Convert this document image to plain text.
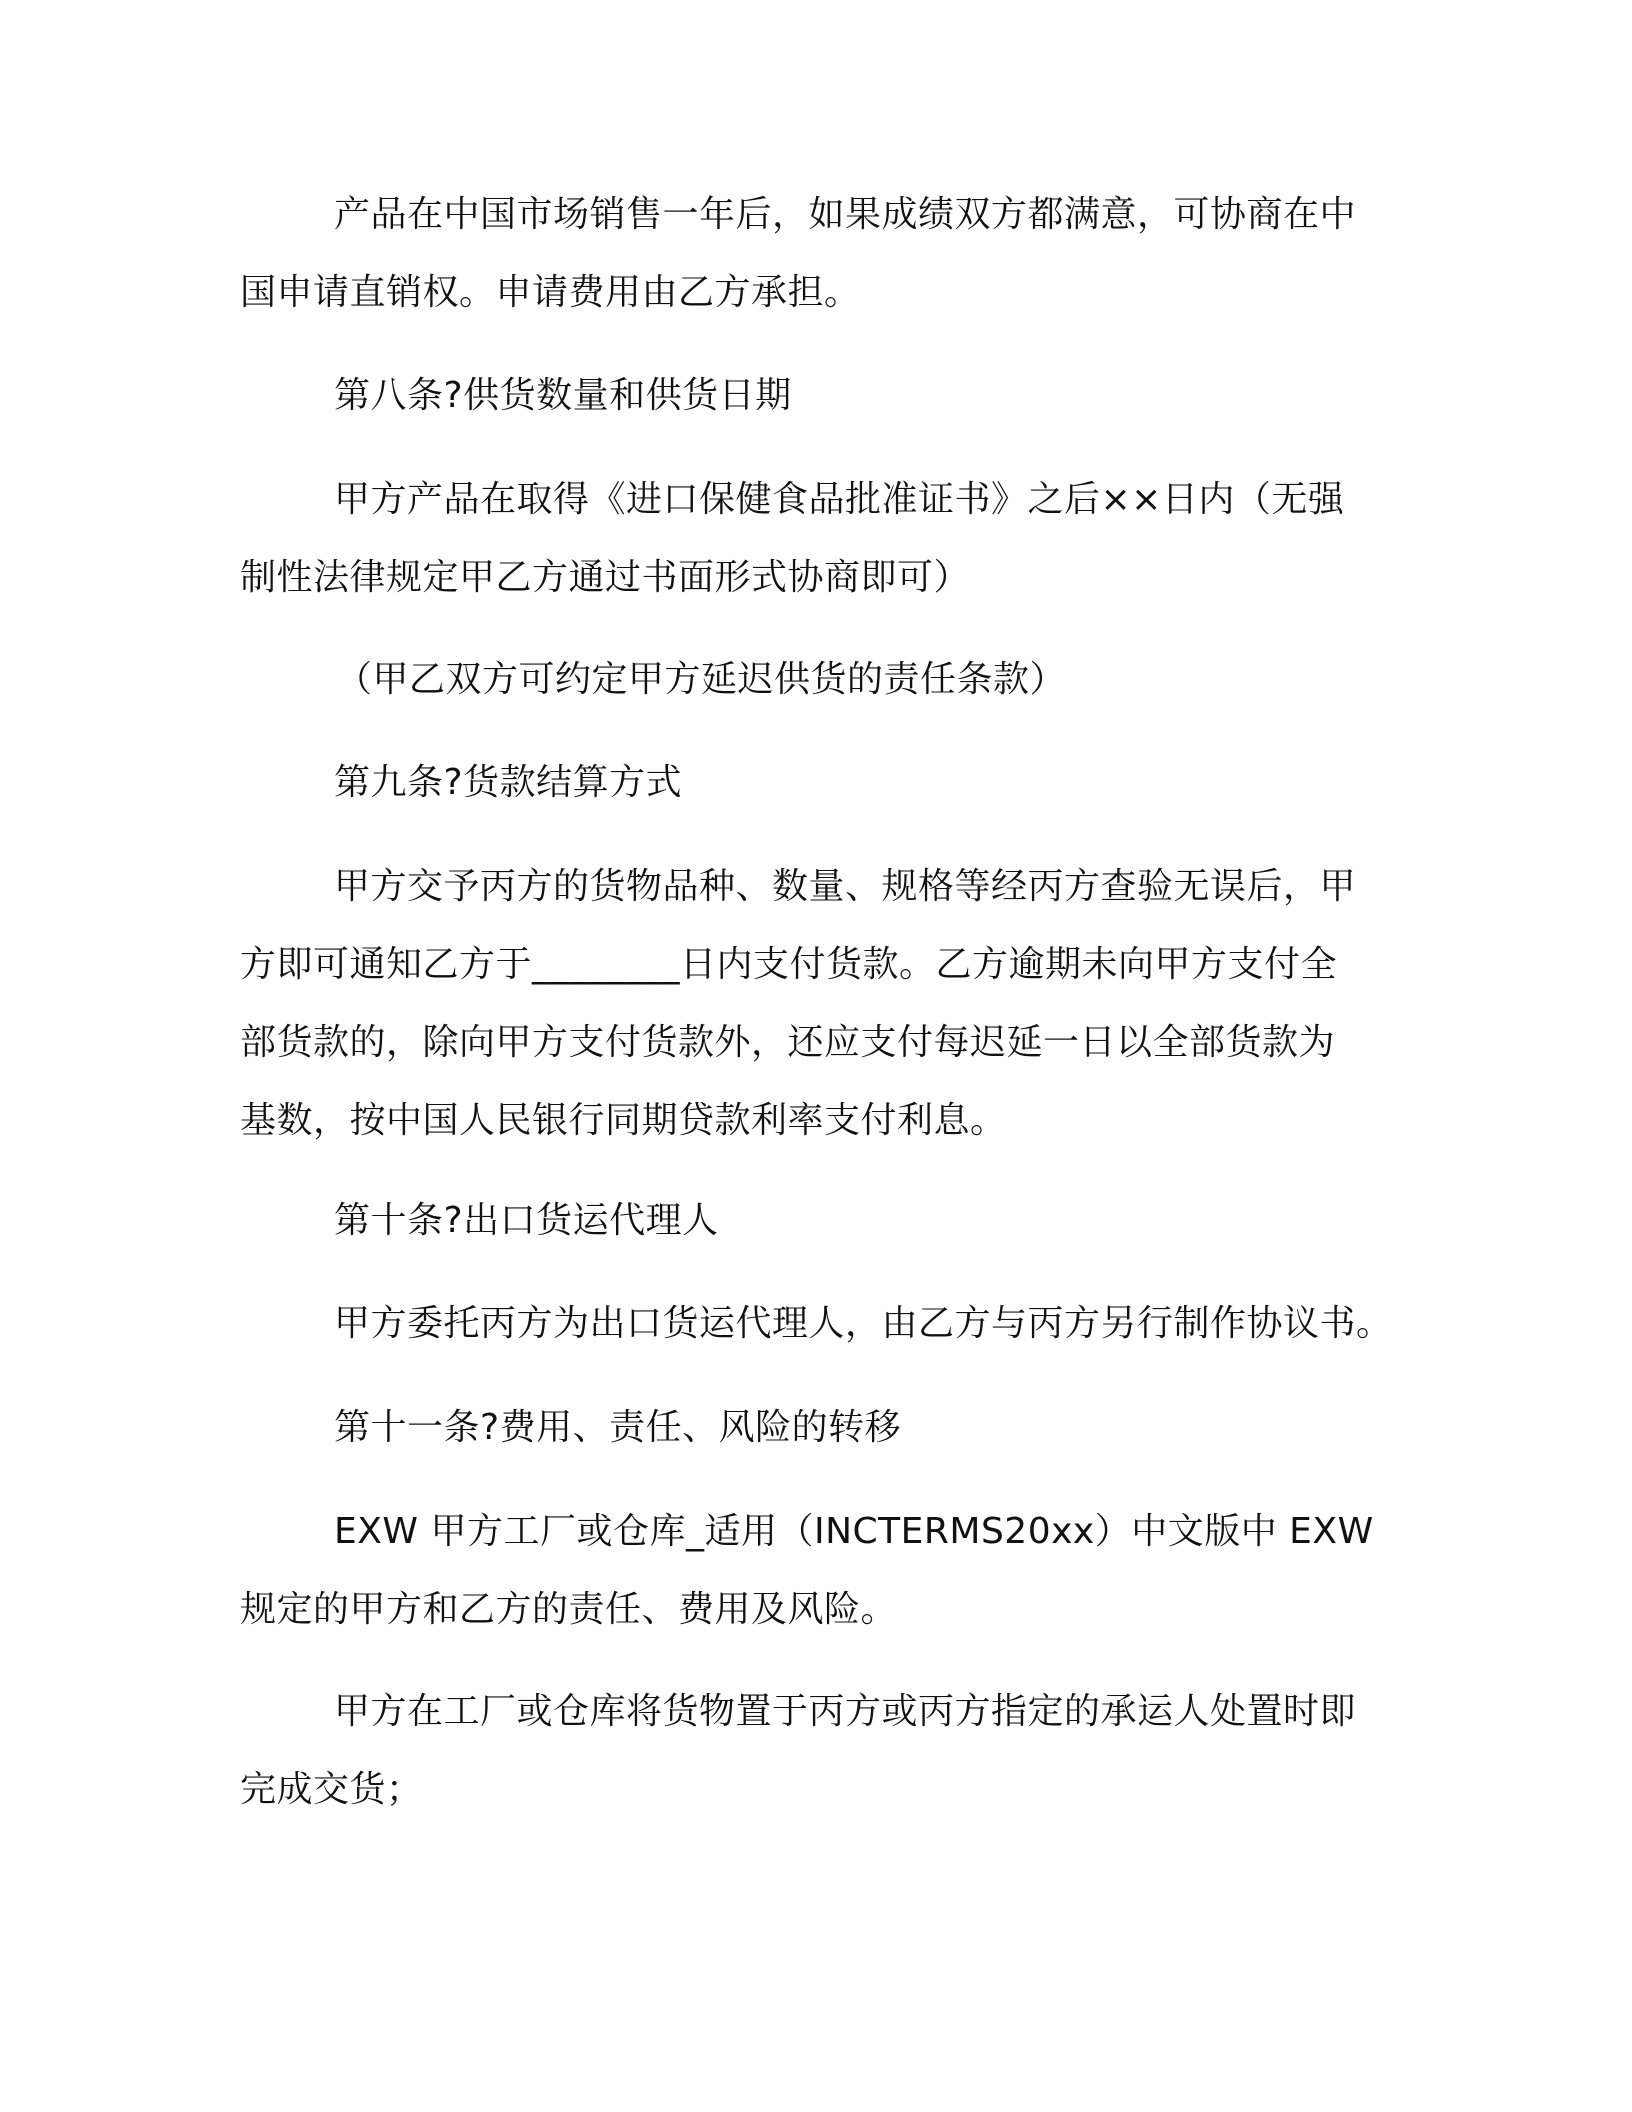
产品在中国市场销售一年后，如果成绩双方都满意，可协商在中
国申请直销权。申请费用由乙方承担。
第八条?供货数量和供货日期
甲方产品在取得《进口保健食品批准证书》之后××日内（无强
制性法律规定甲乙方通过书面形式协商即可）
（甲乙双方可约定甲方延迟供货的责任条款）
第九条?货款结算方式
甲方交予丙方的货物品种、数量、规格等经丙方查验无误后，甲
方即可通知乙方于________日内支付货款。乙方逾期未向甲方支付全
部货款的，除向甲方支付货款外，还应支付每迟延一日以全部货款为
基数，按中国人民银行同期贷款利率支付利息。
第十条?出口货运代理人
甲方委托丙方为出口货运代理人，由乙方与丙方另行制作协议书。
第十一条?费用、责任、风险的转移
EXW 甲方工厂或仓库_适用（INCTERMS20xx）中文版中 EXW
规定的甲方和乙方的责任、费用及风险。
甲方在工厂或仓库将货物置于丙方或丙方指定的承运人处置时即
完成交货；
